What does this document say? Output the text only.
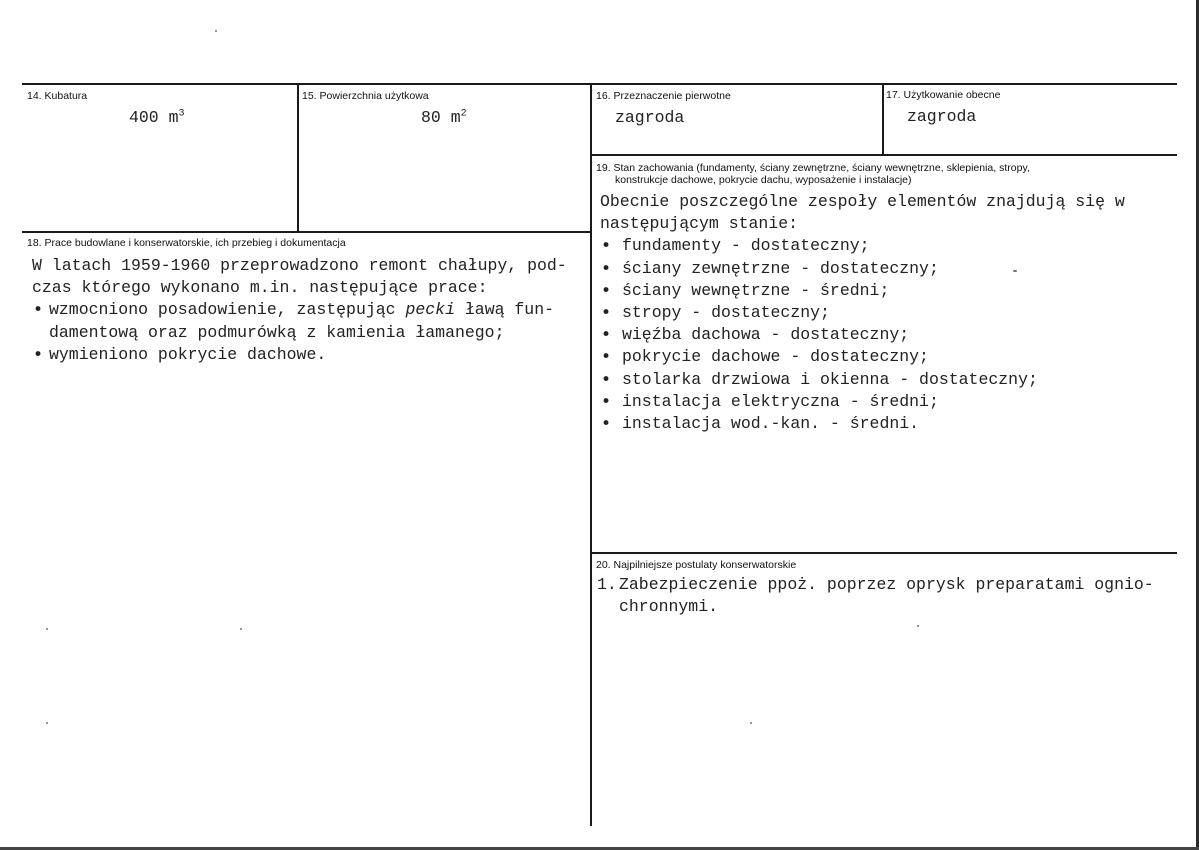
14. Kubatura
400 $m^3$
15. Powierzchnia użytkowa
80 $m^2$
16. Przeznaczenie pierwotne
zagroda
17. Użytkowanie obecne
zagroda
19. Stan zachowania (fundamenty, ściany zewnętrzne, ściany wewnętrzne, sklepienia, stropy,
konstrukcje dachowe, pokrycie dachu, wyposażenie i instalacje)
Obecnie poszczególne zespoły elementów znajdują się w
następującym stanie:
• fundamenty - dostateczny;
• ściany zewnętrzne - dostateczny;
• ściany wewnętrzne - średni;
• stropy - dostateczny;
• więźba dachowa - dostateczny;
• pokrycie dachowe - dostateczny;
• stolarka drzwiowa i okienna - dostateczny;
• instalacja elektryczna - średni;
• instalacja wod.-kan. - średni.
18. Prace budowlane i konserwatorskie, ich przebieg i dokumentacja
W latach 1959-1960 przeprowadzono remont chałupy, pod-
czas którego wykonano m.in. następujące prace:
• wzmocniono posadowienie, zastępując pecki ławą fun-
damentową oraz podmurówką z kamienia łamanego;
• wymieniono pokrycie dachowe.
20. Najpilniejsze postulaty konserwatorskie
1. Zabezpieczenie ppoż. poprzez oprysk preparatami ognio-
chronnymi.
